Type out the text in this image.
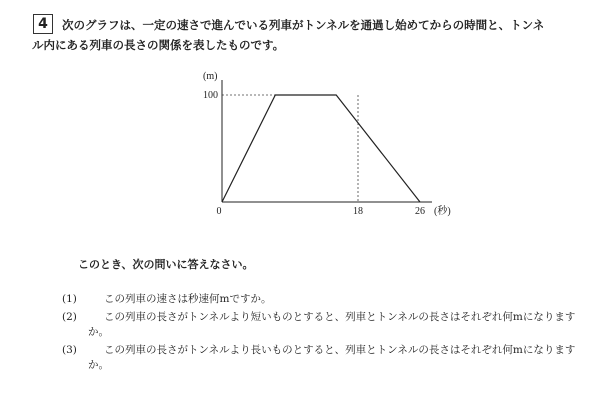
4	次のグラフは、一定の速さで進んでいる列車がトンネルを通過し始めてからの時間と、トンネ
ル内にある列車の長さの関係を表したものです。
(m)
100
0	18	26 (秒)
このとき、次の問いに答えなさい。
(1)	この列車の速さは秒速何mですか。
(2)	この列車の長さがトンネルより短いものとすると、列車とトンネルの長さはそれぞれ何mになりますか。
(3)	この列車の長さがトンネルより長いものとすると、列車とトンネルの長さはそれぞれ何mになりますか。
